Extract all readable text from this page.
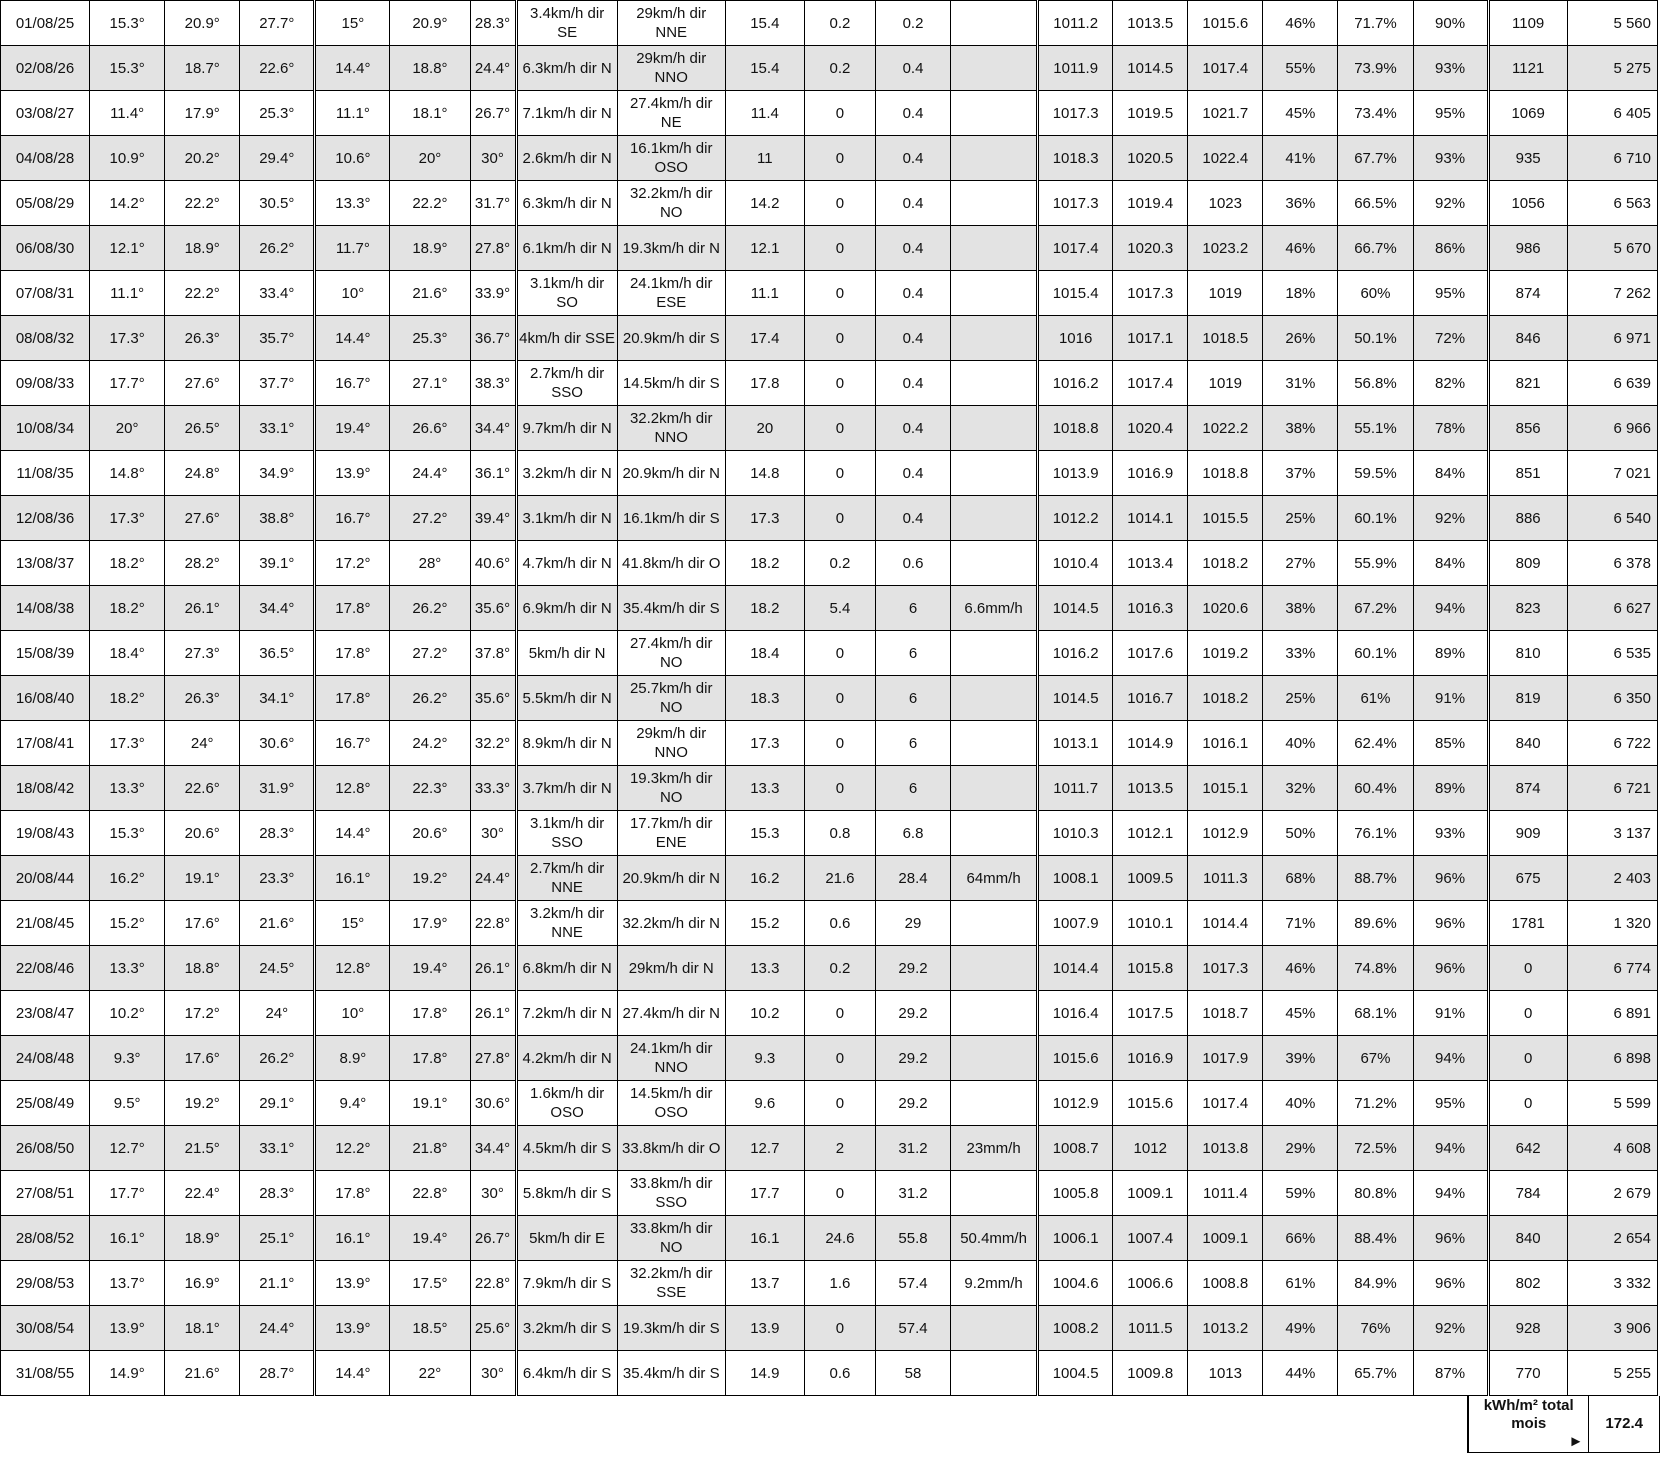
01/08/25	15.3°	20.9°	27.7°	15°	20.9°	28.3°	3.4km/h dir SE	29km/h dir NNE	15.4	0.2	0.2		1011.2	1013.5	1015.6	46%	71.7%	90%	1109	5 560
02/08/26	15.3°	18.7°	22.6°	14.4°	18.8°	24.4°	6.3km/h dir N	29km/h dir NNO	15.4	0.2	0.4		1011.9	1014.5	1017.4	55%	73.9%	93%	1121	5 275
03/08/27	11.4°	17.9°	25.3°	11.1°	18.1°	26.7°	7.1km/h dir N	27.4km/h dir NE	11.4	0	0.4		1017.3	1019.5	1021.7	45%	73.4%	95%	1069	6 405
04/08/28	10.9°	20.2°	29.4°	10.6°	20°	30°	2.6km/h dir N	16.1km/h dir OSO	11	0	0.4		1018.3	1020.5	1022.4	41%	67.7%	93%	935	6 710
05/08/29	14.2°	22.2°	30.5°	13.3°	22.2°	31.7°	6.3km/h dir N	32.2km/h dir NO	14.2	0	0.4		1017.3	1019.4	1023	36%	66.5%	92%	1056	6 563
06/08/30	12.1°	18.9°	26.2°	11.7°	18.9°	27.8°	6.1km/h dir N	19.3km/h dir N	12.1	0	0.4		1017.4	1020.3	1023.2	46%	66.7%	86%	986	5 670
07/08/31	11.1°	22.2°	33.4°	10°	21.6°	33.9°	3.1km/h dir SO	24.1km/h dir ESE	11.1	0	0.4		1015.4	1017.3	1019	18%	60%	95%	874	7 262
08/08/32	17.3°	26.3°	35.7°	14.4°	25.3°	36.7°	4km/h dir SSE	20.9km/h dir S	17.4	0	0.4		1016	1017.1	1018.5	26%	50.1%	72%	846	6 971
09/08/33	17.7°	27.6°	37.7°	16.7°	27.1°	38.3°	2.7km/h dir SSO	14.5km/h dir S	17.8	0	0.4		1016.2	1017.4	1019	31%	56.8%	82%	821	6 639
10/08/34	20°	26.5°	33.1°	19.4°	26.6°	34.4°	9.7km/h dir N	32.2km/h dir NNO	20	0	0.4		1018.8	1020.4	1022.2	38%	55.1%	78%	856	6 966
11/08/35	14.8°	24.8°	34.9°	13.9°	24.4°	36.1°	3.2km/h dir N	20.9km/h dir N	14.8	0	0.4		1013.9	1016.9	1018.8	37%	59.5%	84%	851	7 021
12/08/36	17.3°	27.6°	38.8°	16.7°	27.2°	39.4°	3.1km/h dir N	16.1km/h dir S	17.3	0	0.4		1012.2	1014.1	1015.5	25%	60.1%	92%	886	6 540
13/08/37	18.2°	28.2°	39.1°	17.2°	28°	40.6°	4.7km/h dir N	41.8km/h dir O	18.2	0.2	0.6		1010.4	1013.4	1018.2	27%	55.9%	84%	809	6 378
14/08/38	18.2°	26.1°	34.4°	17.8°	26.2°	35.6°	6.9km/h dir N	35.4km/h dir S	18.2	5.4	6	6.6mm/h	1014.5	1016.3	1020.6	38%	67.2%	94%	823	6 627
15/08/39	18.4°	27.3°	36.5°	17.8°	27.2°	37.8°	5km/h dir N	27.4km/h dir NO	18.4	0	6		1016.2	1017.6	1019.2	33%	60.1%	89%	810	6 535
16/08/40	18.2°	26.3°	34.1°	17.8°	26.2°	35.6°	5.5km/h dir N	25.7km/h dir NO	18.3	0	6		1014.5	1016.7	1018.2	25%	61%	91%	819	6 350
17/08/41	17.3°	24°	30.6°	16.7°	24.2°	32.2°	8.9km/h dir N	29km/h dir NNO	17.3	0	6		1013.1	1014.9	1016.1	40%	62.4%	85%	840	6 722
18/08/42	13.3°	22.6°	31.9°	12.8°	22.3°	33.3°	3.7km/h dir N	19.3km/h dir NO	13.3	0	6		1011.7	1013.5	1015.1	32%	60.4%	89%	874	6 721
19/08/43	15.3°	20.6°	28.3°	14.4°	20.6°	30°	3.1km/h dir SSO	17.7km/h dir ENE	15.3	0.8	6.8		1010.3	1012.1	1012.9	50%	76.1%	93%	909	3 137
20/08/44	16.2°	19.1°	23.3°	16.1°	19.2°	24.4°	2.7km/h dir NNE	20.9km/h dir N	16.2	21.6	28.4	64mm/h	1008.1	1009.5	1011.3	68%	88.7%	96%	675	2 403
21/08/45	15.2°	17.6°	21.6°	15°	17.9°	22.8°	3.2km/h dir NNE	32.2km/h dir N	15.2	0.6	29		1007.9	1010.1	1014.4	71%	89.6%	96%	1781	1 320
22/08/46	13.3°	18.8°	24.5°	12.8°	19.4°	26.1°	6.8km/h dir N	29km/h dir N	13.3	0.2	29.2		1014.4	1015.8	1017.3	46%	74.8%	96%	0	6 774
23/08/47	10.2°	17.2°	24°	10°	17.8°	26.1°	7.2km/h dir N	27.4km/h dir N	10.2	0	29.2		1016.4	1017.5	1018.7	45%	68.1%	91%	0	6 891
24/08/48	9.3°	17.6°	26.2°	8.9°	17.8°	27.8°	4.2km/h dir N	24.1km/h dir NNO	9.3	0	29.2		1015.6	1016.9	1017.9	39%	67%	94%	0	6 898
25/08/49	9.5°	19.2°	29.1°	9.4°	19.1°	30.6°	1.6km/h dir OSO	14.5km/h dir OSO	9.6	0	29.2		1012.9	1015.6	1017.4	40%	71.2%	95%	0	5 599
26/08/50	12.7°	21.5°	33.1°	12.2°	21.8°	34.4°	4.5km/h dir S	33.8km/h dir O	12.7	2	31.2	23mm/h	1008.7	1012	1013.8	29%	72.5%	94%	642	4 608
27/08/51	17.7°	22.4°	28.3°	17.8°	22.8°	30°	5.8km/h dir S	33.8km/h dir SSO	17.7	0	31.2		1005.8	1009.1	1011.4	59%	80.8%	94%	784	2 679
28/08/52	16.1°	18.9°	25.1°	16.1°	19.4°	26.7°	5km/h dir E	33.8km/h dir NO	16.1	24.6	55.8	50.4mm/h	1006.1	1007.4	1009.1	66%	88.4%	96%	840	2 654
29/08/53	13.7°	16.9°	21.1°	13.9°	17.5°	22.8°	7.9km/h dir S	32.2km/h dir SSE	13.7	1.6	57.4	9.2mm/h	1004.6	1006.6	1008.8	61%	84.9%	96%	802	3 332
30/08/54	13.9°	18.1°	24.4°	13.9°	18.5°	25.6°	3.2km/h dir S	19.3km/h dir S	13.9	0	57.4		1008.2	1011.5	1013.2	49%	76%	92%	928	3 906
31/08/55	14.9°	21.6°	28.7°	14.4°	22°	30°	6.4km/h dir S	35.4km/h dir S	14.9	0.6	58		1004.5	1009.8	1013	44%	65.7%	87%	770	5 255
kWh/m² total mois
►
	172.4
